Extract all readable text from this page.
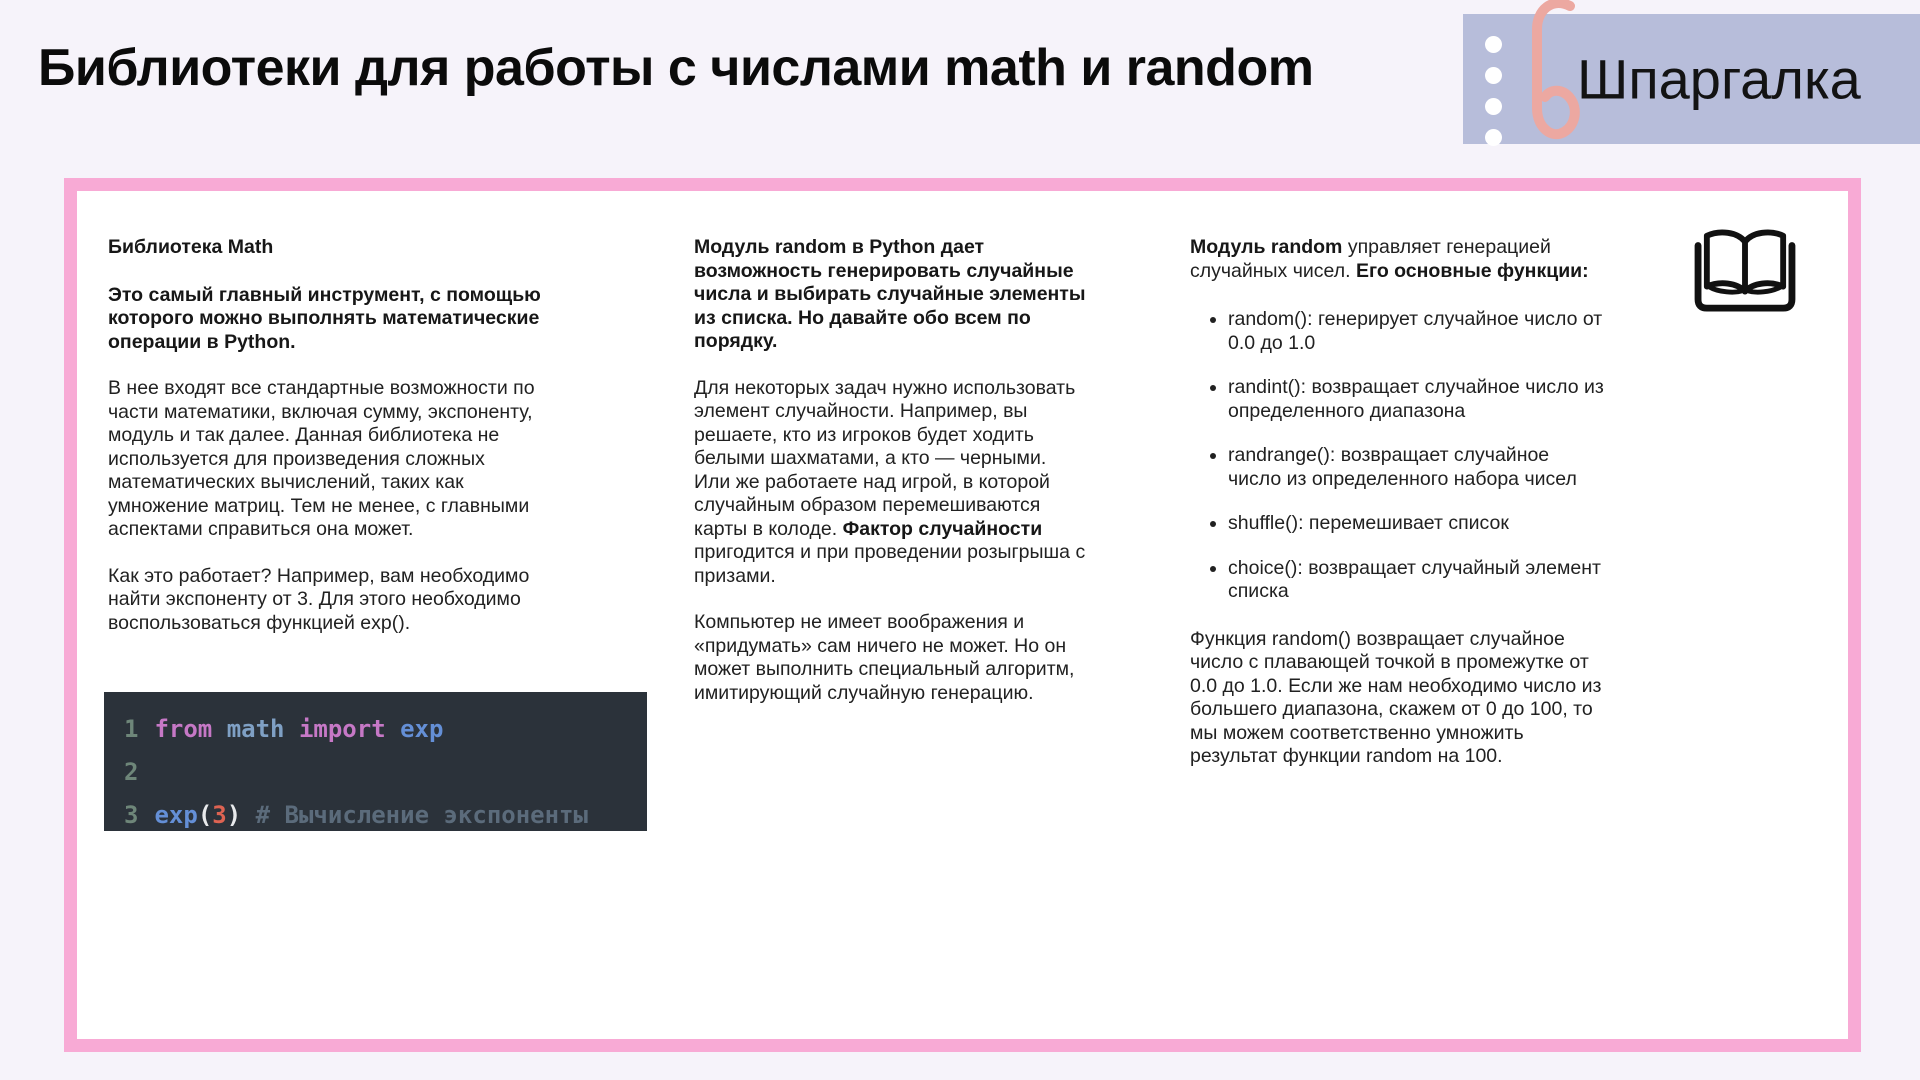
Библиотеки для работы с числами math и random	Шпаргалка
Библиотека Math

Это самый главный инструмент, с помощью которого можно выполнять математические операции в Python.

В нее входят все стандартные возможности по части математики, включая сумму, экспоненту, модуль и так далее. Данная библиотека не используется для произведения сложных математических вычислений, таких как умножение матриц. Тем не менее, с главными аспектами справиться она может.

Как это работает? Например, вам необходимо найти экспоненту от 3. Для этого необходимо воспользоваться функцией exp().

1 from math import exp
2
3 exp(3) # Вычисление экспоненты

Модуль random в Python дает возможность генерировать случайные числа и выбирать случайные элементы из списка. Но давайте обо всем по порядку.

Для некоторых задач нужно использовать элемент случайности. Например, вы решаете, кто из игроков будет ходить белыми шахматами, а кто — черными. Или же работаете над игрой, в которой случайным образом перемешиваются карты в колоде. Фактор случайности пригодится и при проведении розыгрыша с призами.

Компьютер не имеет воображения и «придумать» сам ничего не может. Но он может выполнить специальный алгоритм, имитирующий случайную генерацию.

Модуль random управляет генерацией случайных чисел. Его основные функции:

• random(): генерирует случайное число от 0.0 до 1.0
• randint(): возвращает случайное число из определенного диапазона
• randrange(): возвращает случайное число из определенного набора чисел
• shuffle(): перемешивает список
• choice(): возвращает случайный элемент списка

Функция random() возвращает случайное число с плавающей точкой в промежутке от 0.0 до 1.0. Если же нам необходимо число из большего диапазона, скажем от 0 до 100, то мы можем соответственно умножить результат функции random на 100.
